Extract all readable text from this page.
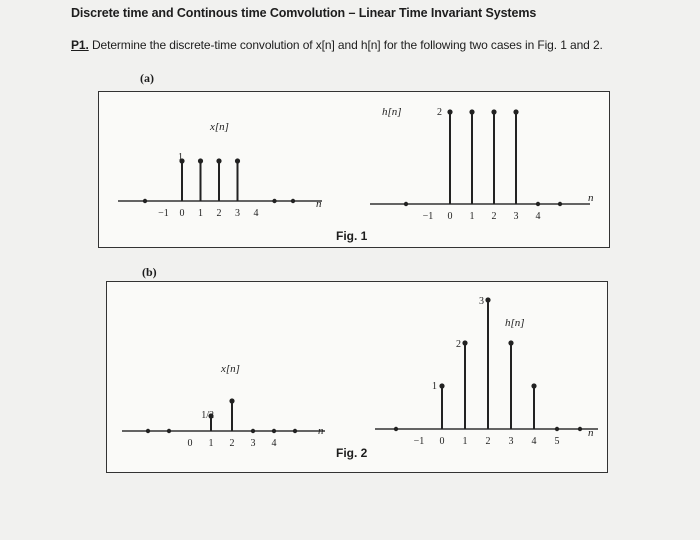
Discrete time and Continous time Comvolution – Linear Time Invariant Systems
P1. Determine the discrete-time convolution of x[n] and h[n] for the following two cases in Fig. 1 and 2.
(a)
Fig. 1
(b)
Fig. 2
−1 0 1 2 3 4
x[n]
n
−1 0 1 2 3 4
h[n]
n
0 1 2 3 4
x[n]
n
−1 0 1 2 3 4 5
h[n]
n
1
2
1/2
1
2
3
